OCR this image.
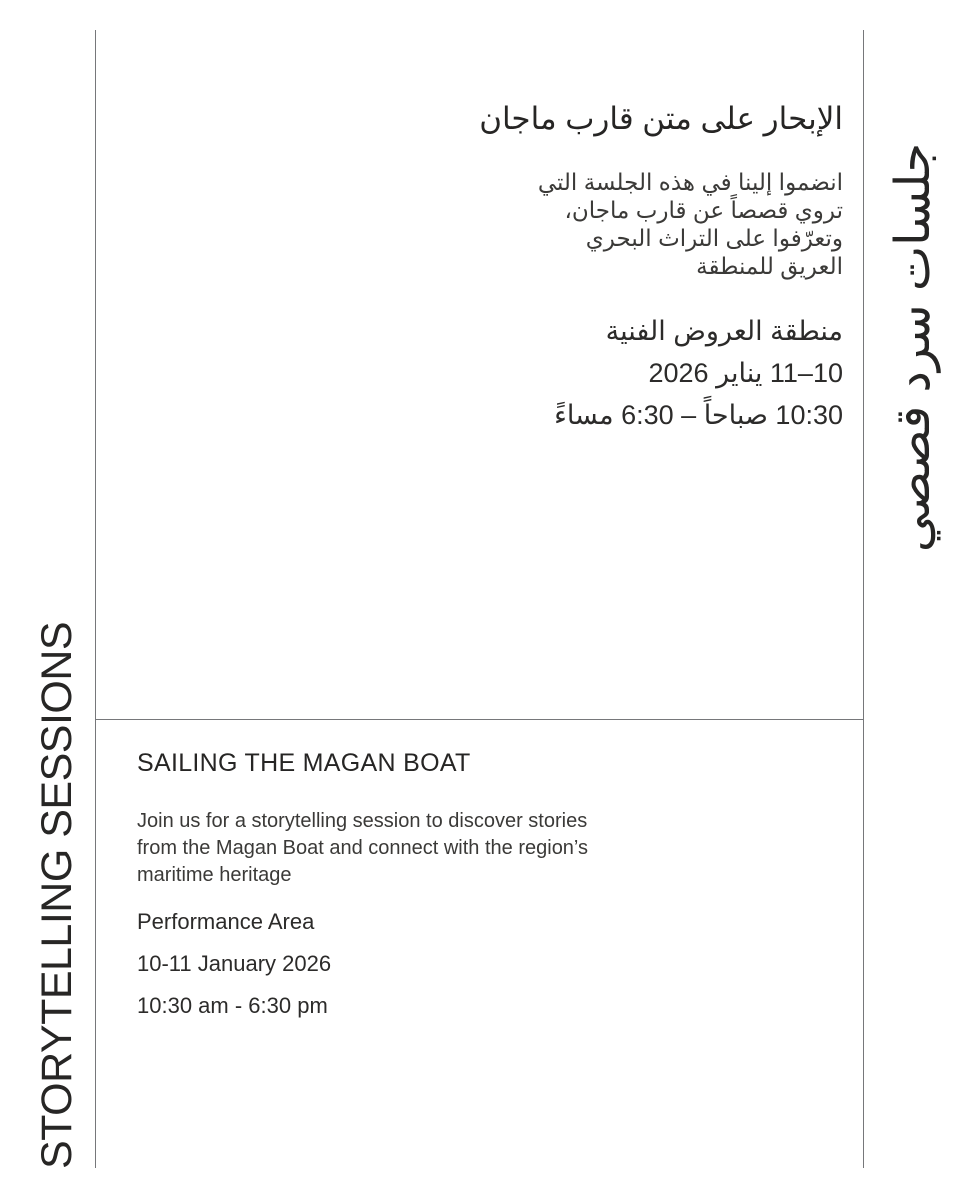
STORYTELLING SESSIONS
جلسات سرد قصصي
الإبحار على متن قارب ماجان

انضموا إلينا في هذه الجلسة التي تروي قصصاً عن قارب ماجان، وتعرّفوا على التراث البحري العريق للمنطقة

منطقة العروض الفنية
10–11 يناير 2026
10:30 صباحاً – 6:30 مساءً
SAILING THE MAGAN BOAT

Join us for a storytelling session to discover stories from the Magan Boat and connect with the region’s maritime heritage

Performance Area
10-11 January 2026
10:30 am - 6:30 pm
